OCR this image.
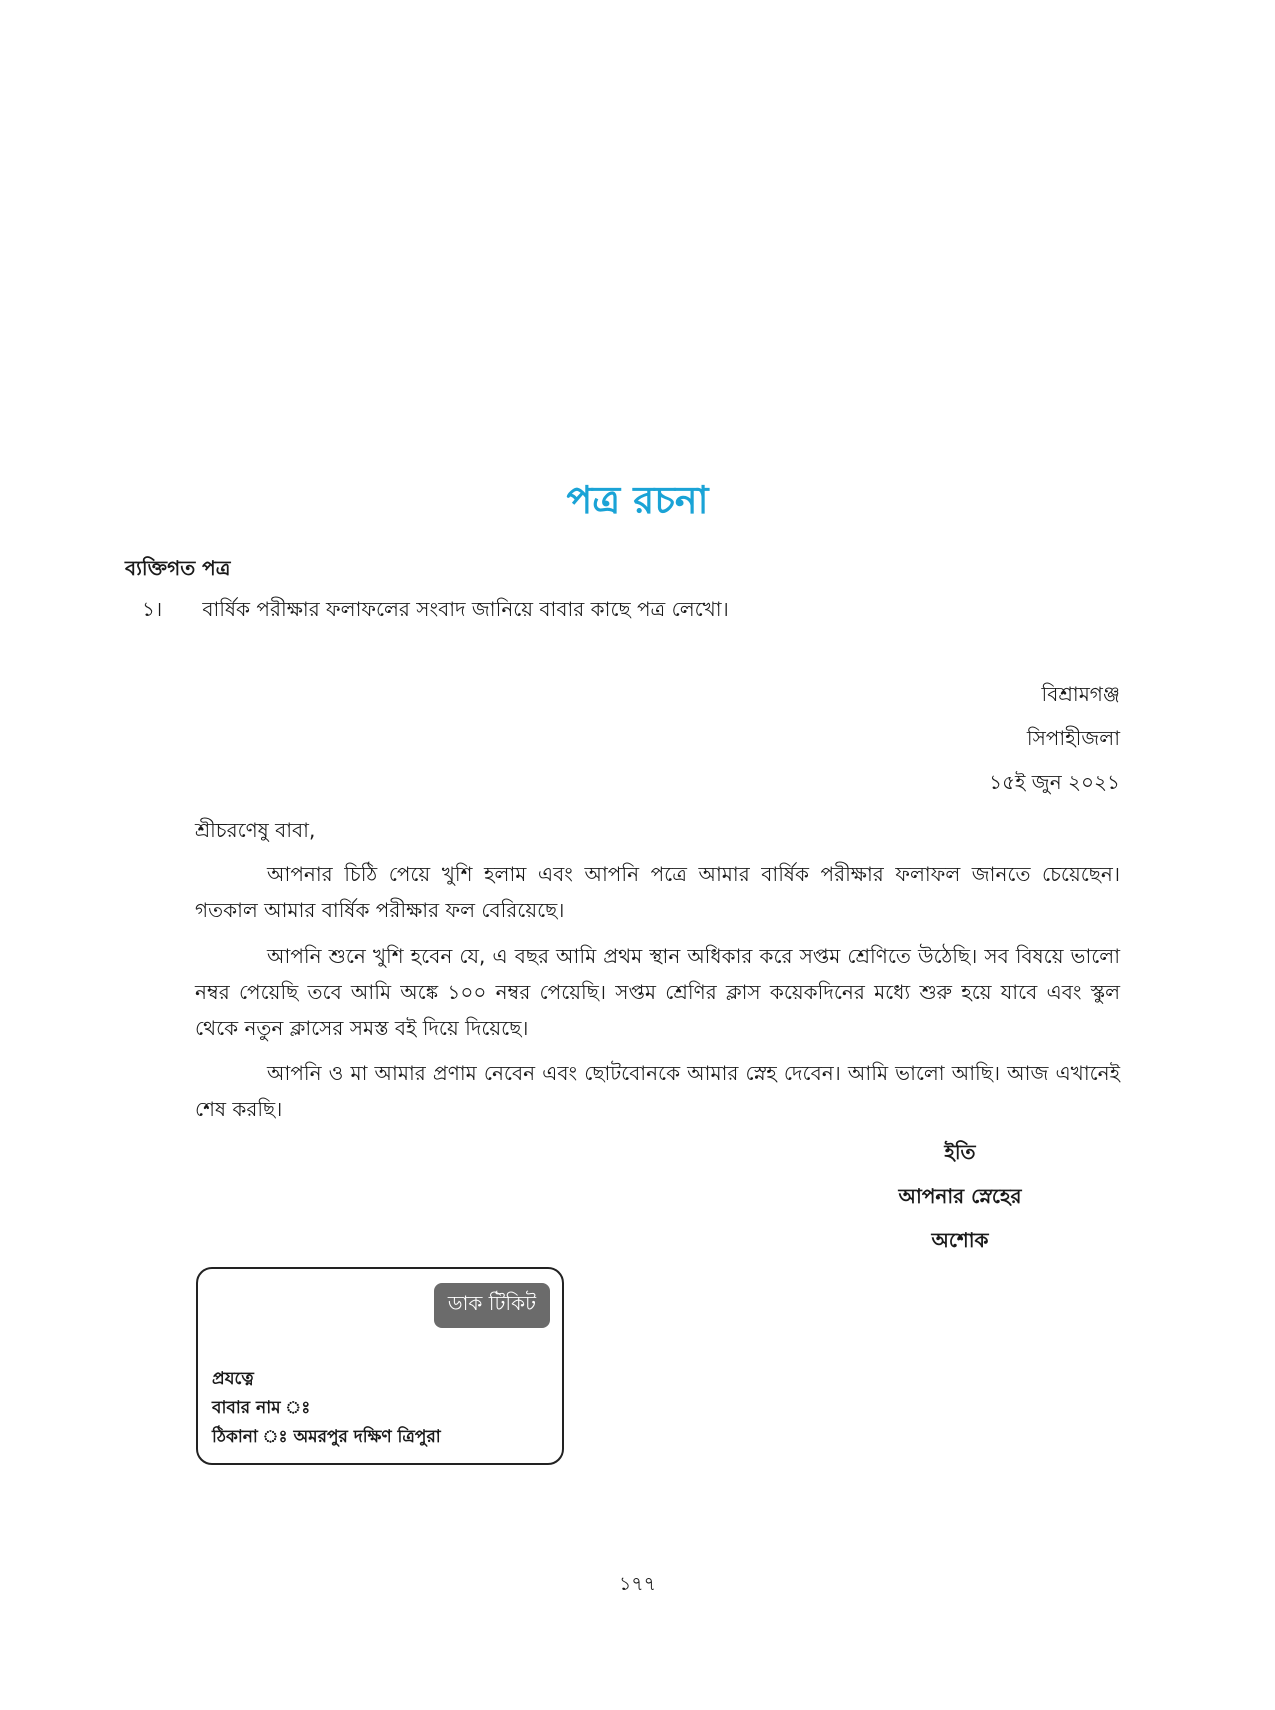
পত্র রচনা
ব্যক্তিগত পত্র
১। বার্ষিক পরীক্ষার ফলাফলের সংবাদ জানিয়ে বাবার কাছে পত্র লেখো।
বিশ্রামগঞ্জ
সিপাহীজলা
১৫ই জুন ২০২১
শ্রীচরণেষু বাবা,
আপনার চিঠি পেয়ে খুশি হলাম এবং আপনি পত্রে আমার বার্ষিক পরীক্ষার ফলাফল জানতে চেয়েছেন। গতকাল আমার বার্ষিক পরীক্ষার ফল বেরিয়েছে।
আপনি শুনে খুশি হবেন যে, এ বছর আমি প্রথম স্থান অধিকার করে সপ্তম শ্রেণিতে উঠেছি। সব বিষয়ে ভালো নম্বর পেয়েছি তবে আমি অঙ্কে ১০০ নম্বর পেয়েছি। সপ্তম শ্রেণির ক্লাস কয়েকদিনের মধ্যে শুরু হয়ে যাবে এবং স্কুল থেকে নতুন ক্লাসের সমস্ত বই দিয়ে দিয়েছে।
আপনি ও মা আমার প্রণাম নেবেন এবং ছোটবোনকে আমার স্নেহ দেবেন। আমি ভালো আছি। আজ এখানেই শেষ করছি।
ইতি
আপনার স্নেহের
অশোক
ডাক টিকিট
প্রযত্নে
বাবার নাম ঃ
ঠিকানা ঃ অমরপুর দক্ষিণ ত্রিপুরা
১৭৭
